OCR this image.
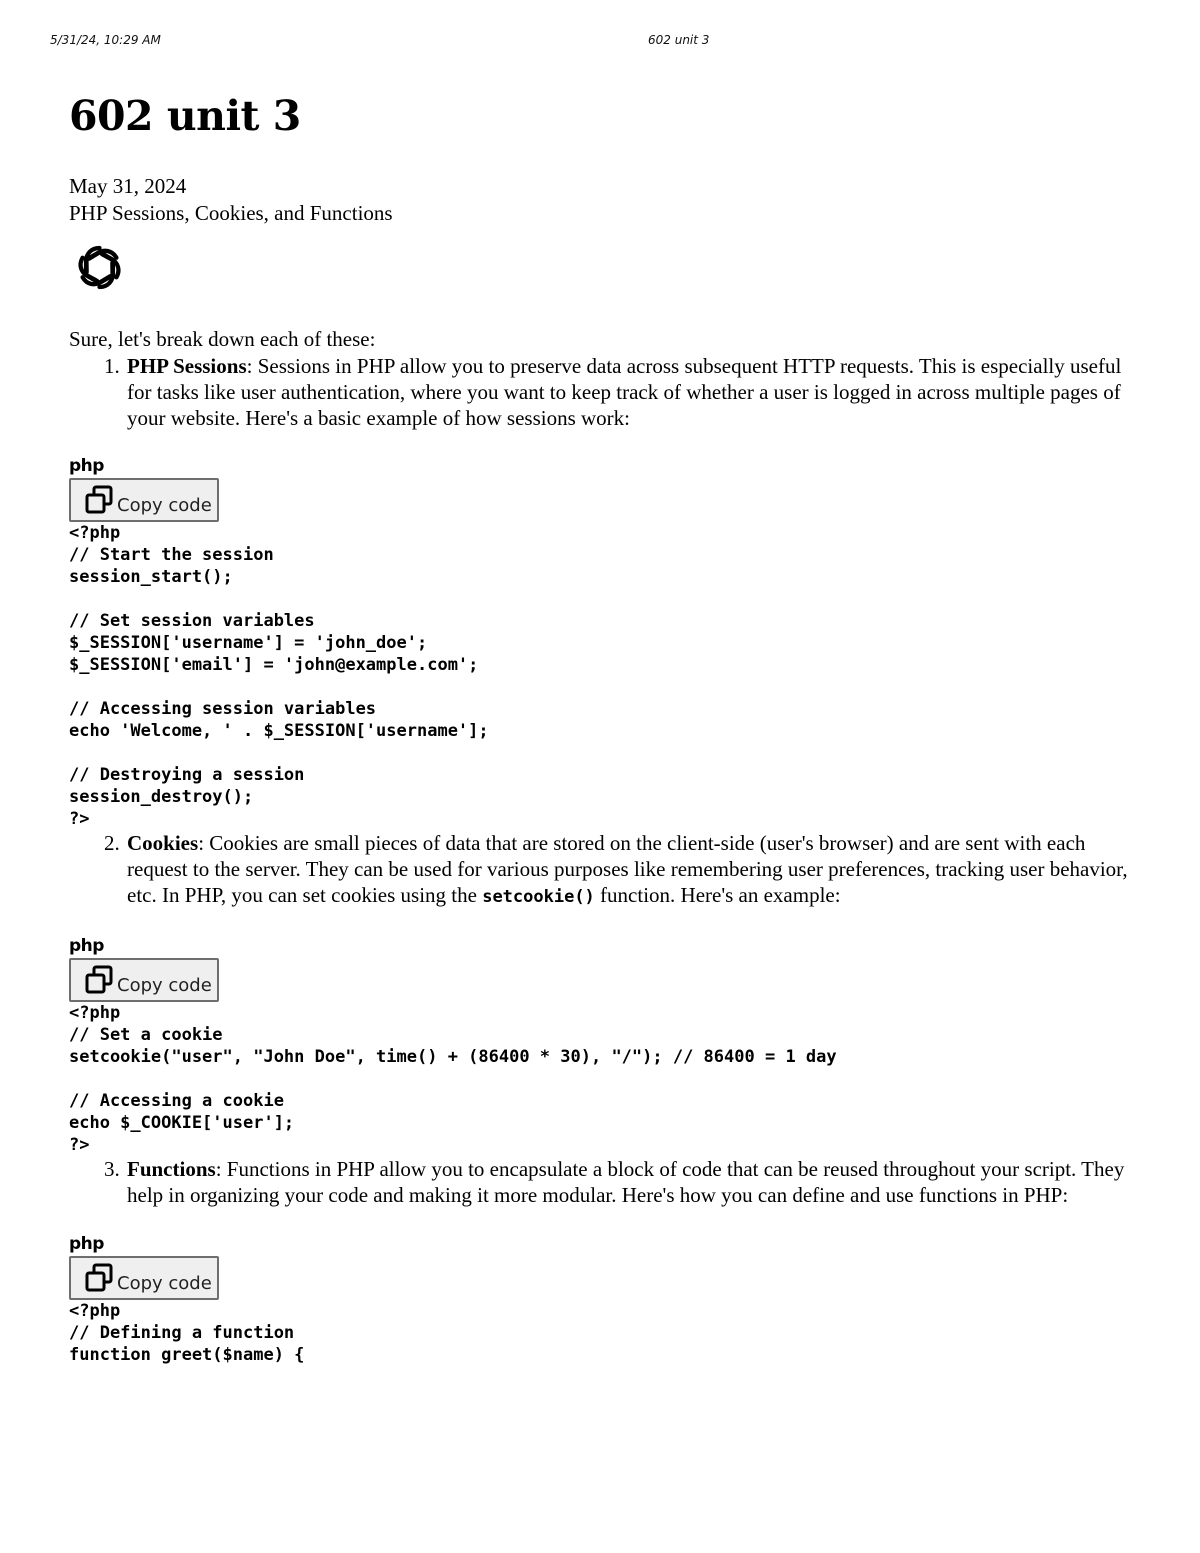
5/31/24, 10:29 AM	602 unit 3
602 unit 3
May 31, 2024
PHP Sessions, Cookies, and Functions
Sure, let's break down each of these:
1. PHP Sessions: Sessions in PHP allow you to preserve data across subsequent HTTP requests. This is especially useful for tasks like user authentication, where you want to keep track of whether a user is logged in across multiple pages of your website. Here's a basic example of how sessions work:
php
Copy code
<?php
// Start the session
session_start();

// Set session variables
$_SESSION['username'] = 'john_doe';
$_SESSION['email'] = 'john@example.com';

// Accessing session variables
echo 'Welcome, ' . $_SESSION['username'];

// Destroying a session
session_destroy();
?>
2. Cookies: Cookies are small pieces of data that are stored on the client-side (user's browser) and are sent with each request to the server. They can be used for various purposes like remembering user preferences, tracking user behavior, etc. In PHP, you can set cookies using the setcookie() function. Here's an example:
php
Copy code
<?php
// Set a cookie
setcookie("user", "John Doe", time() + (86400 * 30), "/"); // 86400 = 1 day

// Accessing a cookie
echo $_COOKIE['user'];
?>
3. Functions: Functions in PHP allow you to encapsulate a block of code that can be reused throughout your script. They help in organizing your code and making it more modular. Here's how you can define and use functions in PHP:
php
Copy code
<?php
// Defining a function
function greet($name) {
